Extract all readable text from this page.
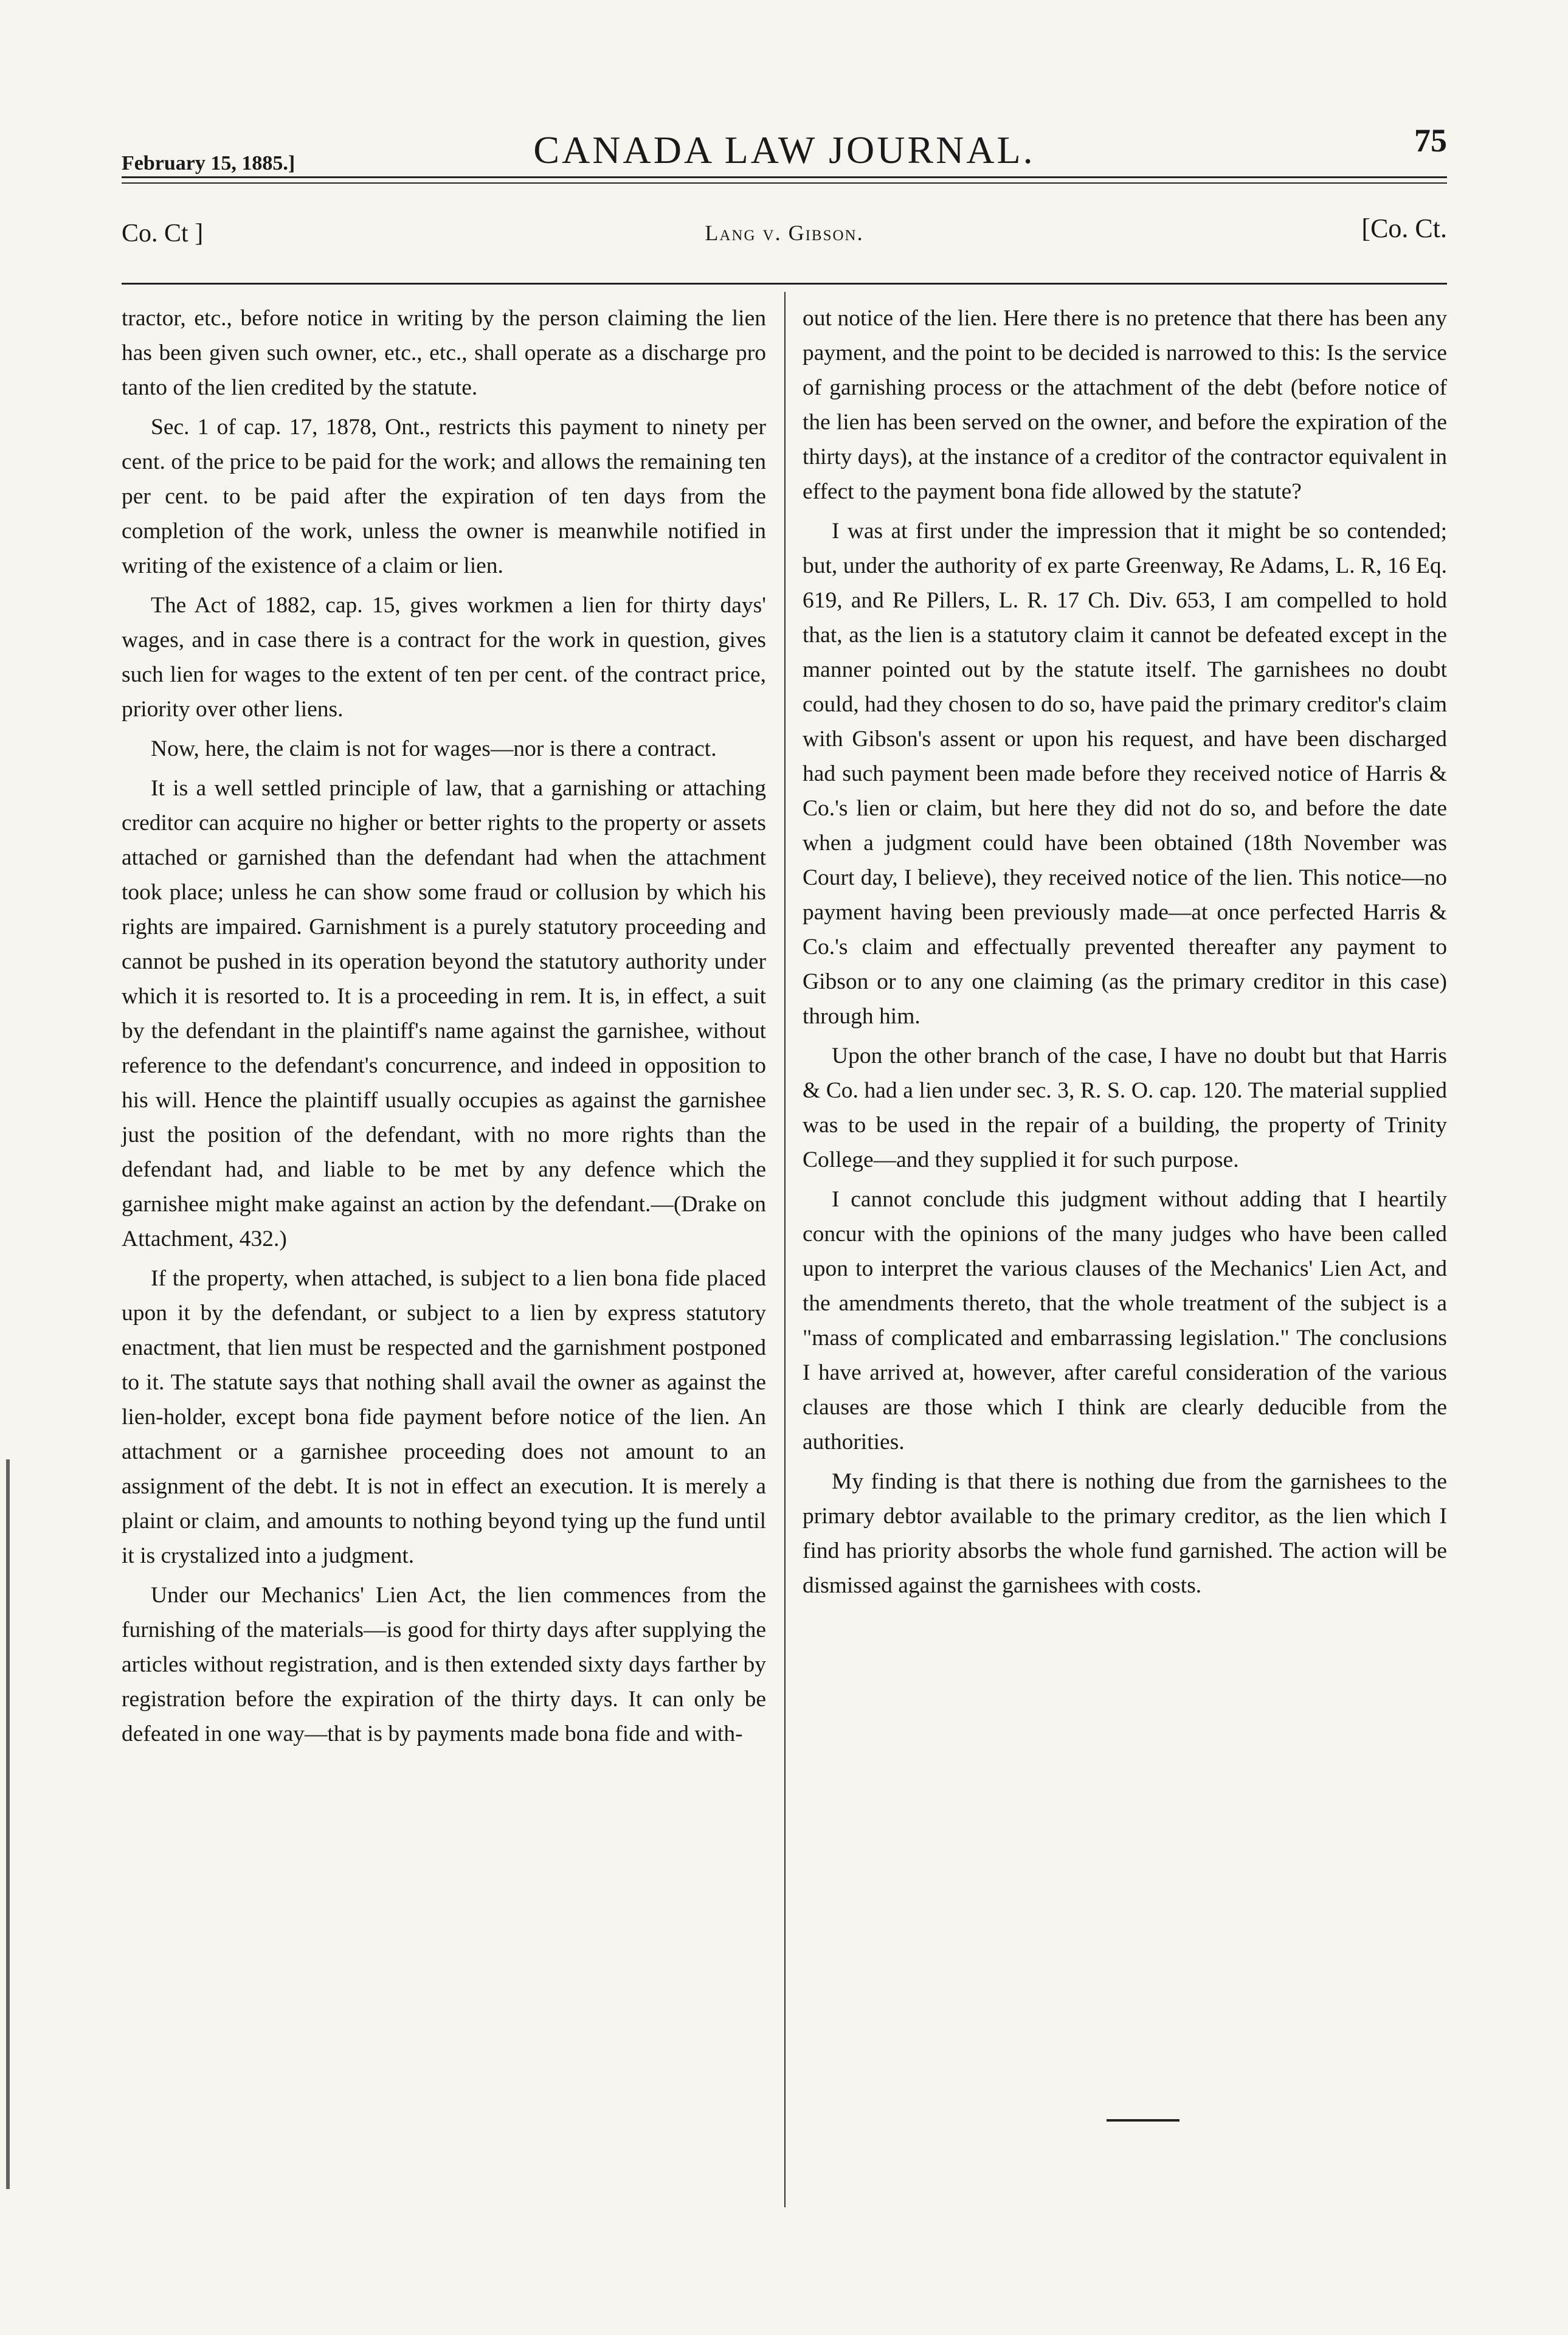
February 15, 1885.]	CANADA LAW JOURNAL.	75
Co. Ct ]	Lang v. Gibson.	[Co. Ct.

tractor, etc., before notice in writing by the person claiming the lien has been given such owner, etc., etc., shall operate as a discharge pro tanto of the lien credited by the statute.

Sec. 1 of cap. 17, 1878, Ont., restricts this payment to ninety per cent. of the price to be paid for the work; and allows the remaining ten per cent. to be paid after the expiration of ten days from the completion of the work, unless the owner is meanwhile notified in writing of the existence of a claim or lien.

The Act of 1882, cap. 15, gives workmen a lien for thirty days' wages, and in case there is a contract for the work in question, gives such lien for wages to the extent of ten per cent. of the contract price, priority over other liens.

Now, here, the claim is not for wages—nor is there a contract.

It is a well settled principle of law, that a garnishing or attaching creditor can acquire no higher or better rights to the property or assets attached or garnished than the defendant had when the attachment took place; unless he can show some fraud or collusion by which his rights are impaired. Garnishment is a purely statutory proceeding and cannot be pushed in its operation beyond the statutory authority under which it is resorted to. It is a proceeding in rem. It is, in effect, a suit by the defendant in the plaintiff's name against the garnishee, without reference to the defendant's concurrence, and indeed in opposition to his will. Hence the plaintiff usually occupies as against the garnishee just the position of the defendant, with no more rights than the defendant had, and liable to be met by any defence which the garnishee might make against an action by the defendant.—(Drake on Attachment, 432.)

If the property, when attached, is subject to a lien bona fide placed upon it by the defendant, or subject to a lien by express statutory enactment, that lien must be respected and the garnishment postponed to it. The statute says that nothing shall avail the owner as against the lien-holder, except bona fide payment before notice of the lien. An attachment or a garnishee proceeding does not amount to an assignment of the debt. It is not in effect an execution. It is merely a plaint or claim, and amounts to nothing beyond tying up the fund until it is crystalized into a judgment.

Under our Mechanics' Lien Act, the lien commences from the furnishing of the materials—is good for thirty days after supplying the articles without registration, and is then extended sixty days farther by registration before the expiration of the thirty days. It can only be defeated in one way—that is by payments made bona fide and with-

out notice of the lien. Here there is no pretence that there has been any payment, and the point to be decided is narrowed to this: Is the service of garnishing process or the attachment of the debt (before notice of the lien has been served on the owner, and before the expiration of the thirty days), at the instance of a creditor of the contractor equivalent in effect to the payment bona fide allowed by the statute?

I was at first under the impression that it might be so contended; but, under the authority of ex parte Greenway, Re Adams, L. R, 16 Eq. 619, and Re Pillers, L. R. 17 Ch. Div. 653, I am compelled to hold that, as the lien is a statutory claim it cannot be defeated except in the manner pointed out by the statute itself. The garnishees no doubt could, had they chosen to do so, have paid the primary creditor's claim with Gibson's assent or upon his request, and have been discharged had such payment been made before they received notice of Harris & Co.'s lien or claim, but here they did not do so, and before the date when a judgment could have been obtained (18th November was Court day, I believe), they received notice of the lien. This notice—no payment having been previously made—at once perfected Harris & Co.'s claim and effectually prevented thereafter any payment to Gibson or to any one claiming (as the primary creditor in this case) through him.

Upon the other branch of the case, I have no doubt but that Harris & Co. had a lien under sec. 3, R. S. O. cap. 120. The material supplied was to be used in the repair of a building, the property of Trinity College—and they supplied it for such purpose.

I cannot conclude this judgment without adding that I heartily concur with the opinions of the many judges who have been called upon to interpret the various clauses of the Mechanics' Lien Act, and the amendments thereto, that the whole treatment of the subject is a "mass of complicated and embarrassing legislation." The conclusions I have arrived at, however, after careful consideration of the various clauses are those which I think are clearly deducible from the authorities.

My finding is that there is nothing due from the garnishees to the primary debtor available to the primary creditor, as the lien which I find has priority absorbs the whole fund garnished. The action will be dismissed against the garnishees with costs.
